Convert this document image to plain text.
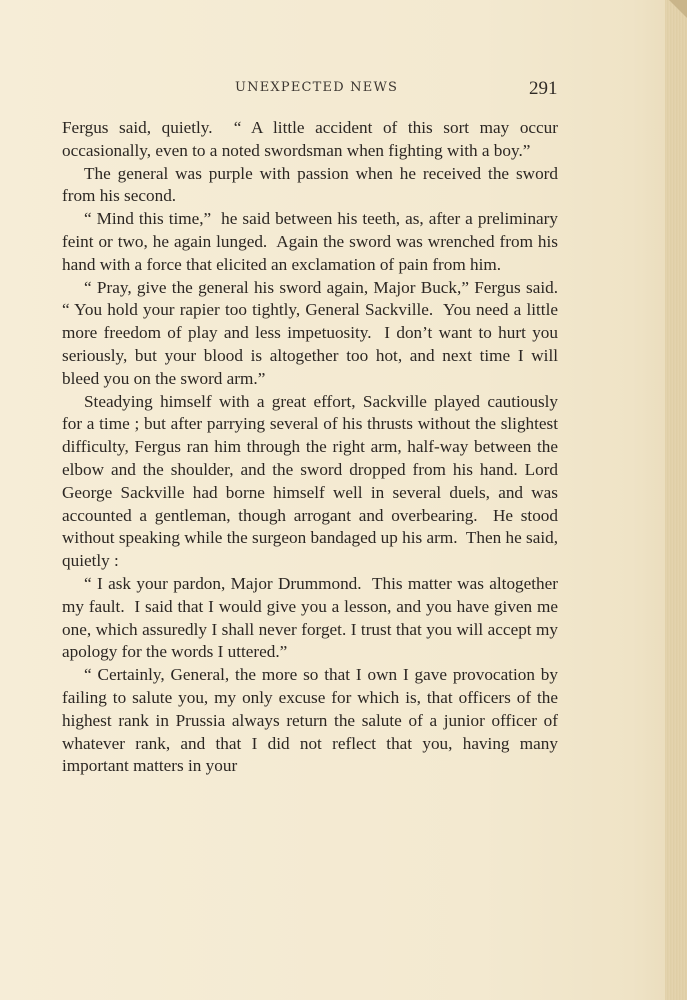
UNEXPECTED NEWS	291

Fergus said, quietly.  “ A little accident of this sort may occur occasionally, even to a noted swordsman when fighting with a boy.”

The general was purple with passion when he received the sword from his second.

“ Mind this time,”  he said between his teeth, as, after a preliminary feint or two, he again lunged.  Again the sword was wrenched from his hand with a force that elicited an exclamation of pain from him.

“ Pray, give the general his sword again, Major Buck,” Fergus said.  “ You hold your rapier too tightly, General Sackville.  You need a little more freedom of play and less impetuosity.  I don’t want to hurt you seriously, but your blood is altogether too hot, and next time I will bleed you on the sword arm.”

Steadying himself with a great effort, Sackville played cautiously for a time ; but after parrying several of his thrusts without the slightest difficulty, Fergus ran him through the right arm, half-way between the elbow and the shoulder, and the sword dropped from his hand. Lord George Sackville had borne himself well in several duels, and was accounted a gentleman, though arrogant and overbearing.  He stood without speaking while the surgeon bandaged up his arm.  Then he said, quietly :

“ I ask your pardon, Major Drummond.  This matter was altogether my fault.  I said that I would give you a lesson, and you have given me one, which assuredly I shall never forget. I trust that you will accept my apology for the words I uttered.”

“ Certainly, General, the more so that I own I gave provocation by failing to salute you, my only excuse for which is, that officers of the highest rank in Prussia always return the salute of a junior officer of whatever rank, and that I did not reflect that you, having many important matters in your
